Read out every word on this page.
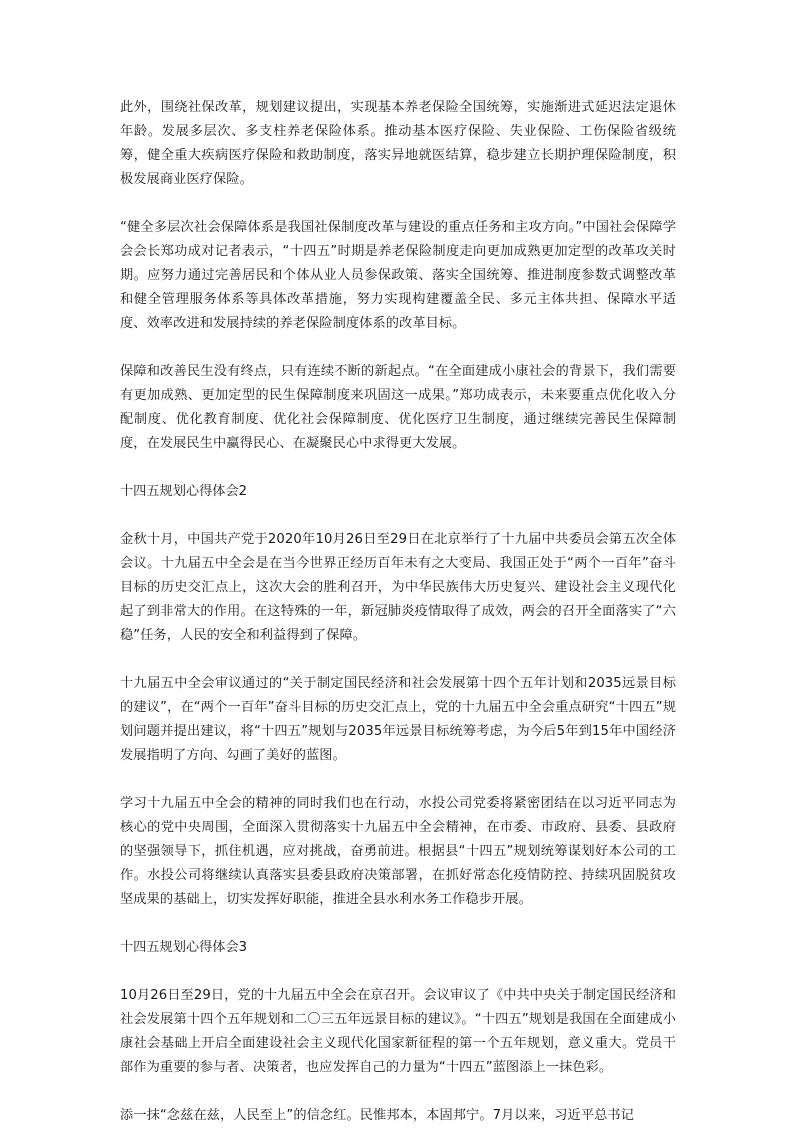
此外，围绕社保改革，规划建议提出，实现基本养老保险全国统筹，实施渐进式延迟法定退休年龄。发展多层次、多支柱养老保险体系。推动基本医疗保险、失业保险、工伤保险省级统筹，健全重大疾病医疗保险和救助制度，落实异地就医结算，稳步建立长期护理保险制度，积极发展商业医疗保险。

“健全多层次社会保障体系是我国社保制度改革与建设的重点任务和主攻方向。”中国社会保障学会会长郑功成对记者表示，“十四五”时期是养老保险制度走向更加成熟更加定型的改革攻关时期。应努力通过完善居民和个体从业人员参保政策、落实全国统筹、推进制度参数式调整改革和健全管理服务体系等具体改革措施，努力实现构建覆盖全民、多元主体共担、保障水平适度、效率改进和发展持续的养老保险制度体系的改革目标。

保障和改善民生没有终点，只有连续不断的新起点。“在全面建成小康社会的背景下，我们需要有更加成熟、更加定型的民生保障制度来巩固这一成果。”郑功成表示，未来要重点优化收入分配制度、优化教育制度、优化社会保障制度、优化医疗卫生制度，通过继续完善民生保障制度，在发展民生中赢得民心、在凝聚民心中求得更大发展。

十四五规划心得体会2

金秋十月，中国共产党于2020年10月26日至29日在北京举行了十九届中共委员会第五次全体会议。十九届五中全会是在当今世界正经历百年未有之大变局、我国正处于“两个一百年”奋斗目标的历史交汇点上，这次大会的胜利召开，为中华民族伟大历史复兴、建设社会主义现代化起了到非常大的作用。在这特殊的一年，新冠肺炎疫情取得了成效，两会的召开全面落实了“六稳”任务，人民的安全和利益得到了保障。

十九届五中全会审议通过的“关于制定国民经济和社会发展第十四个五年计划和2035远景目标的建议”，在“两个一百年”奋斗目标的历史交汇点上，党的十九届五中全会重点研究“十四五”规划问题并提出建议，将“十四五”规划与2035年远景目标统筹考虑，为今后5年到15年中国经济发展指明了方向、勾画了美好的蓝图。

学习十九届五中全会的精神的同时我们也在行动，水投公司党委将紧密团结在以习近平同志为核心的党中央周围，全面深入贯彻落实十九届五中全会精神，在市委、市政府、县委、县政府的坚强领导下，抓住机遇，应对挑战，奋勇前进。根据县“十四五”规划统筹谋划好本公司的工作。水投公司将继续认真落实县委县政府决策部署，在抓好常态化疫情防控、持续巩固脱贫攻坚成果的基础上，切实发挥好职能，推进全县水利水务工作稳步开展。

十四五规划心得体会3

10月26日至29日，党的十九届五中全会在京召开。会议审议了《中共中央关于制定国民经济和社会发展第十四个五年规划和二〇三五年远景目标的建议》。“十四五”规划是我国在全面建成小康社会基础上开启全面建设社会主义现代化国家新征程的第一个五年规划，意义重大。党员干部作为重要的参与者、决策者，也应发挥自己的力量为“十四五”蓝图添上一抹色彩。

添一抹“念兹在兹，人民至上”的信念红。民惟邦本，本固邦宁。7月以来，习近平总书记
